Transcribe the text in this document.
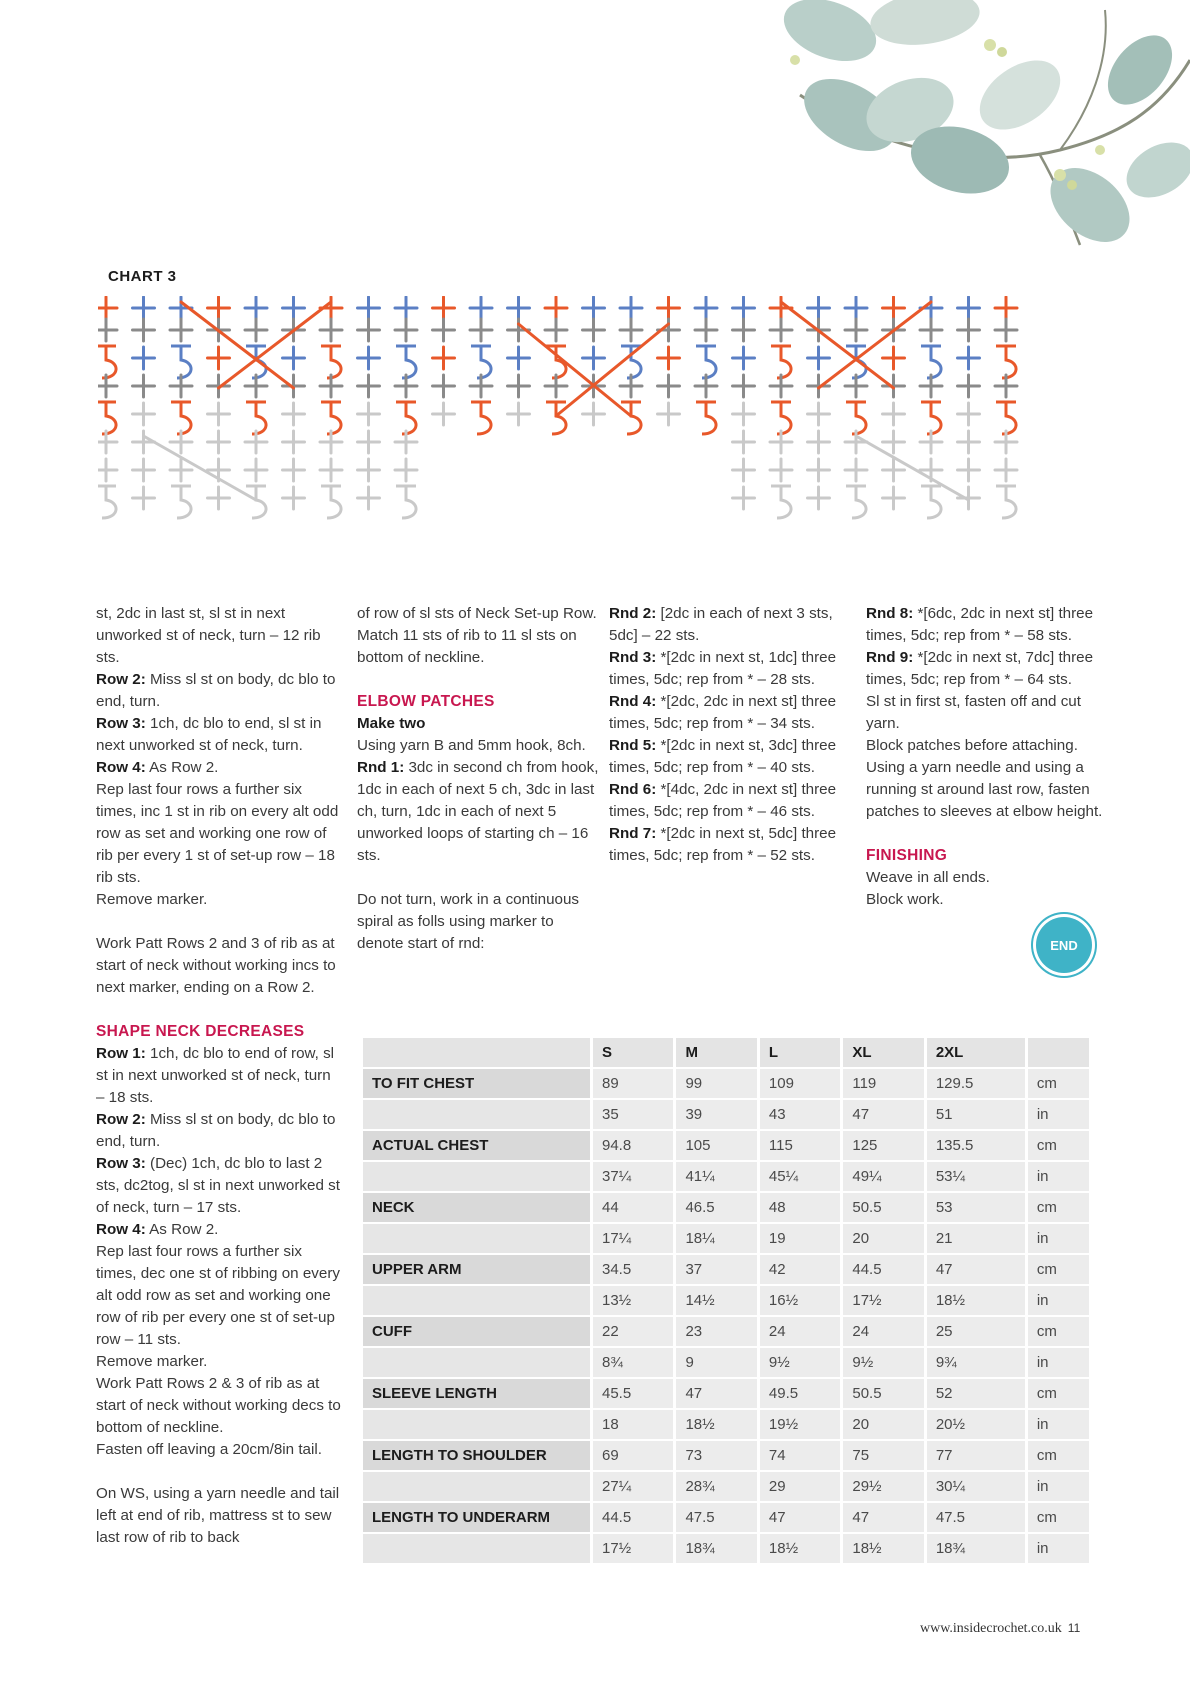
CHART 3

st, 2dc in last st, sl st in next unworked st of neck, turn – 12 rib sts.

Row 2: Miss sl st on body, dc blo to end, turn.

Row 3: 1ch, dc blo to end, sl st in next unworked st of neck, turn.

Row 4: As Row 2.

Rep last four rows a further six times, inc 1 st in rib on every alt odd row as set and working one row of rib per every 1 st of set-up row – 18 rib sts.

Remove marker.

Work Patt Rows 2 and 3 of rib as at start of neck without working incs to next marker, ending on a Row 2.

SHAPE NECK DECREASES

Row 1: 1ch, dc blo to end of row, sl st in next unworked st of neck, turn – 18 sts.

Row 2: Miss sl st on body, dc blo to end, turn.

Row 3: (Dec) 1ch, dc blo to last 2 sts, dc2tog, sl st in next unworked st of neck, turn – 17 sts.

Row 4: As Row 2.

Rep last four rows a further six times, dec one st of ribbing on every alt odd row as set and working one row of rib per every one st of set-up row – 11 sts.

Remove marker.

Work Patt Rows 2 & 3 of rib as at start of neck without working decs to bottom of neckline.

Fasten off leaving a 20cm/8in tail.

On WS, using a yarn needle and tail left at end of rib, mattress st to sew last row of rib to back

of row of sl sts of Neck Set-up Row. Match 11 sts of rib to 11 sl sts on bottom of neckline.

ELBOW PATCHES

Make two

Using yarn B and 5mm hook, 8ch.

Rnd 1: 3dc in second ch from hook, 1dc in each of next 5 ch, 3dc in last ch, turn, 1dc in each of next 5 unworked loops of starting ch – 16 sts.

Do not turn, work in a continuous spiral as folls using marker to denote start of rnd:

Rnd 2: [2dc in each of next 3 sts, 5dc] – 22 sts.

Rnd 3: *[2dc in next st, 1dc] three times, 5dc; rep from * – 28 sts.

Rnd 4: *[2dc, 2dc in next st] three times, 5dc; rep from * – 34 sts.

Rnd 5: *[2dc in next st, 3dc] three times, 5dc; rep from * – 40 sts.

Rnd 6: *[4dc, 2dc in next st] three times, 5dc; rep from * – 46 sts.

Rnd 7: *[2dc in next st, 5dc] three times, 5dc; rep from * – 52 sts.

Rnd 8: *[6dc, 2dc in next st] three times, 5dc; rep from * – 58 sts.

Rnd 9: *[2dc in next st, 7dc] three times, 5dc; rep from * – 64 sts.

Sl st in first st, fasten off and cut yarn.

Block patches before attaching. Using a yarn needle and using a running st around last row, fasten patches to sleeves at elbow height.

FINISHING

Weave in all ends.

Block work.

END
	S	M	L	XL	2XL	
TO FIT CHEST	89	99	109	119	129.5	cm
	35	39	43	47	51	in
ACTUAL CHEST	94.8	105	115	125	135.5	cm
	37¼	41¼	45¼	49¼	53¼	in
NECK	44	46.5	48	50.5	53	cm
	17¼	18¼	19	20	21	in
UPPER ARM	34.5	37	42	44.5	47	cm
	13½	14½	16½	17½	18½	in
CUFF	22	23	24	24	25	cm
	8¾	9	9½	9½	9¾	in
SLEEVE LENGTH	45.5	47	49.5	50.5	52	cm
	18	18½	19½	20	20½	in
LENGTH TO SHOULDER	69	73	74	75	77	cm
	27¼	28¾	29	29½	30¼	in
LENGTH TO UNDERARM	44.5	47.5	47	47	47.5	cm
	17½	18¾	18½	18½	18¾	in
www.insidecrochet.co.uk 11
